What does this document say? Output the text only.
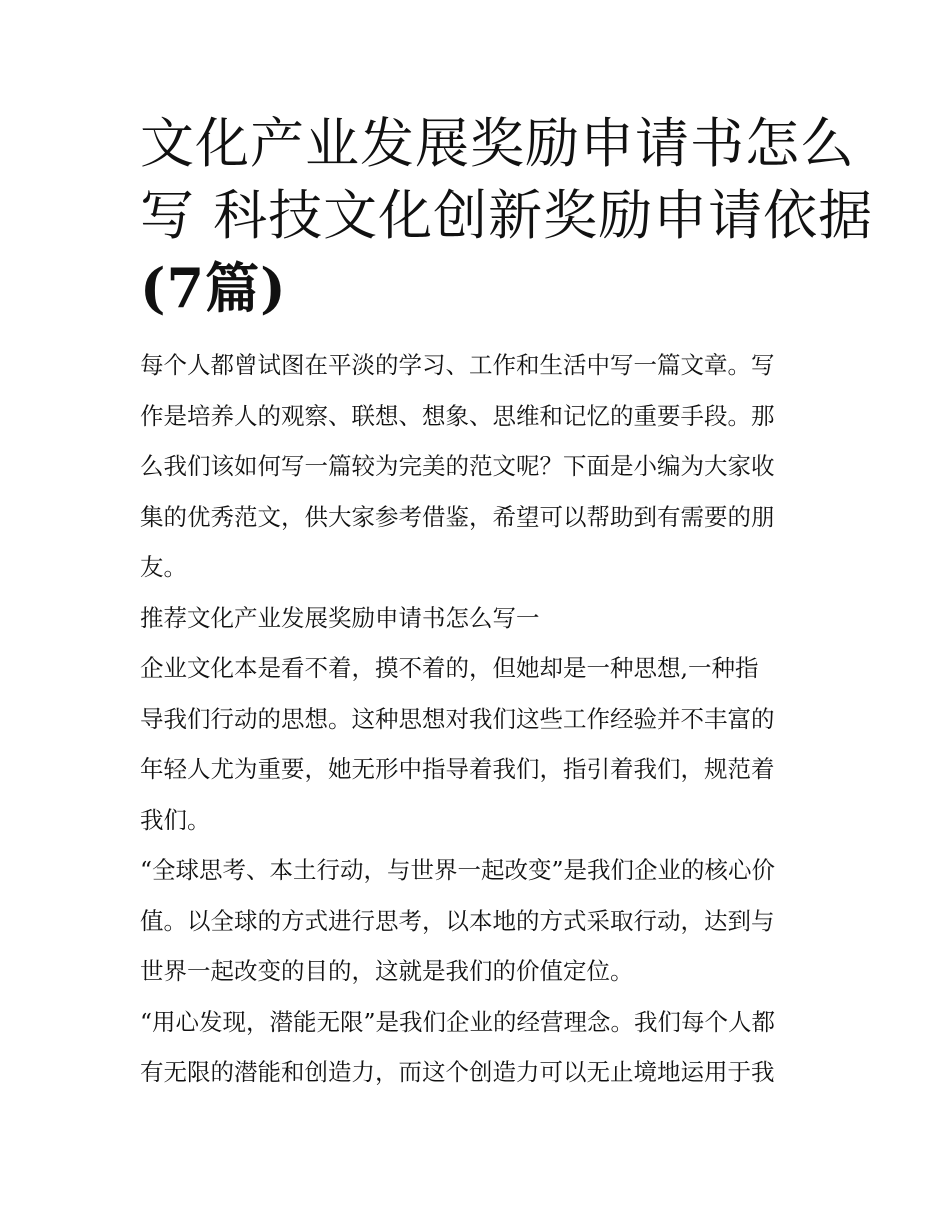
文化产业发展奖励申请书怎么
写 科技文化创新奖励申请依据
(7篇)

每个人都曾试图在平淡的学习、工作和生活中写一篇文章。写
作是培养人的观察、联想、想象、思维和记忆的重要手段。那
么我们该如何写一篇较为完美的范文呢？下面是小编为大家收
集的优秀范文，供大家参考借鉴，希望可以帮助到有需要的朋
友。

推荐文化产业发展奖励申请书怎么写一

企业文化本是看不着，摸不着的，但她却是一种思想,一种指
导我们行动的思想。这种思想对我们这些工作经验并不丰富的
年轻人尤为重要，她无形中指导着我们，指引着我们，规范着
我们。

“全球思考、本土行动，与世界一起改变”是我们企业的核心价
值。以全球的方式进行思考，以本地的方式采取行动，达到与
世界一起改变的目的，这就是我们的价值定位。

“用心发现，潜能无限”是我们企业的经营理念。我们每个人都
有无限的潜能和创造力，而这个创造力可以无止境地运用于我
